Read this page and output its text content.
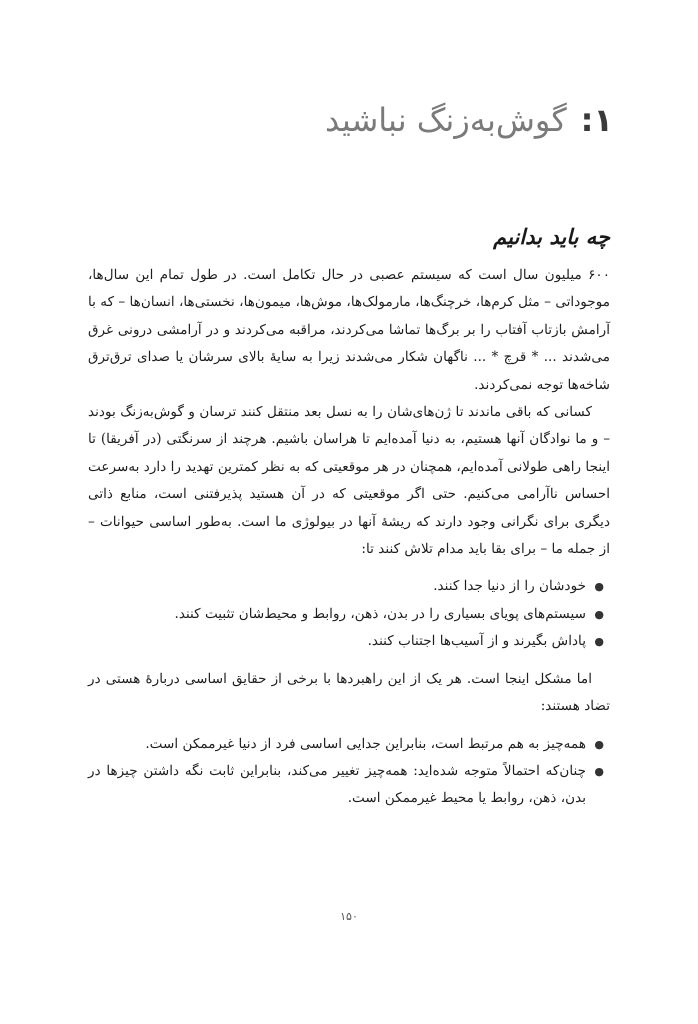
۱:گوش‌به‌زنگ نباشید
چه باید بدانیم

۶۰۰ میلیون سال است که سیستم عصبی در حال تکامل است. در طول تمام این سال‌ها، موجوداتی – مثل کرم‌ها، خرچنگ‌ها، مارمولک‌ها، موش‌ها، میمون‌ها، نخستی‌ها، انسان‌ها – که با آرامش بازتاب آفتاب را بر برگ‌ها تماشا می‌کردند، مراقبه می‌کردند و در آرامشی درونی غرق می‌شدند ... * قرچ * ... ناگهان شکار می‌شدند زیرا به سایهٔ بالای سرشان یا صدای ترق‌ترق شاخه‌ها توجه نمی‌کردند.

کسانی که باقی ماندند تا ژن‌های‌شان را به نسل بعد منتقل کنند ترسان و گوش‌به‌زنگ بودند – و ما نوادگان آنها هستیم، به دنیا آمده‌ایم تا هراسان باشیم. هرچند از سرنگتی (در آفریقا) تا اینجا راهی طولانی آمده‌ایم، همچنان در هر موقعیتی که به نظر کمترین تهدید را دارد به‌سرعت احساس ناآرامی می‌کنیم. حتی اگر موقعیتی که در آن هستید پذیرفتنی است، منابع ذاتی دیگری برای نگرانی وجود دارند که ریشهٔ آنها در بیولوژی ما است. به‌طور اساسی حیوانات – از جمله ما – برای بقا باید مدام تلاش کنند تا:

●
خودشان را از دنیا جدا کنند.
●
سیستم‌های پویای بسیاری را در بدن، ذهن، روابط و محیط‌شان تثبیت کنند.
●
پاداش بگیرند و از آسیب‌ها اجتناب کنند.

اما مشکل اینجا است. هر یک از این راهبردها با برخی از حقایق اساسی دربارهٔ هستی در تضاد هستند:

●
همه‌چیز به هم مرتبط است، بنابراین جدایی اساسی فرد از دنیا غیرممکن است.
●
چنان‌که احتمالاً متوجه شده‌اید: همه‌چیز تغییر می‌کند، بنابراین ثابت نگه داشتن چیزها در بدن، ذهن، روابط یا محیط غیرممکن است.
۱۵۰
